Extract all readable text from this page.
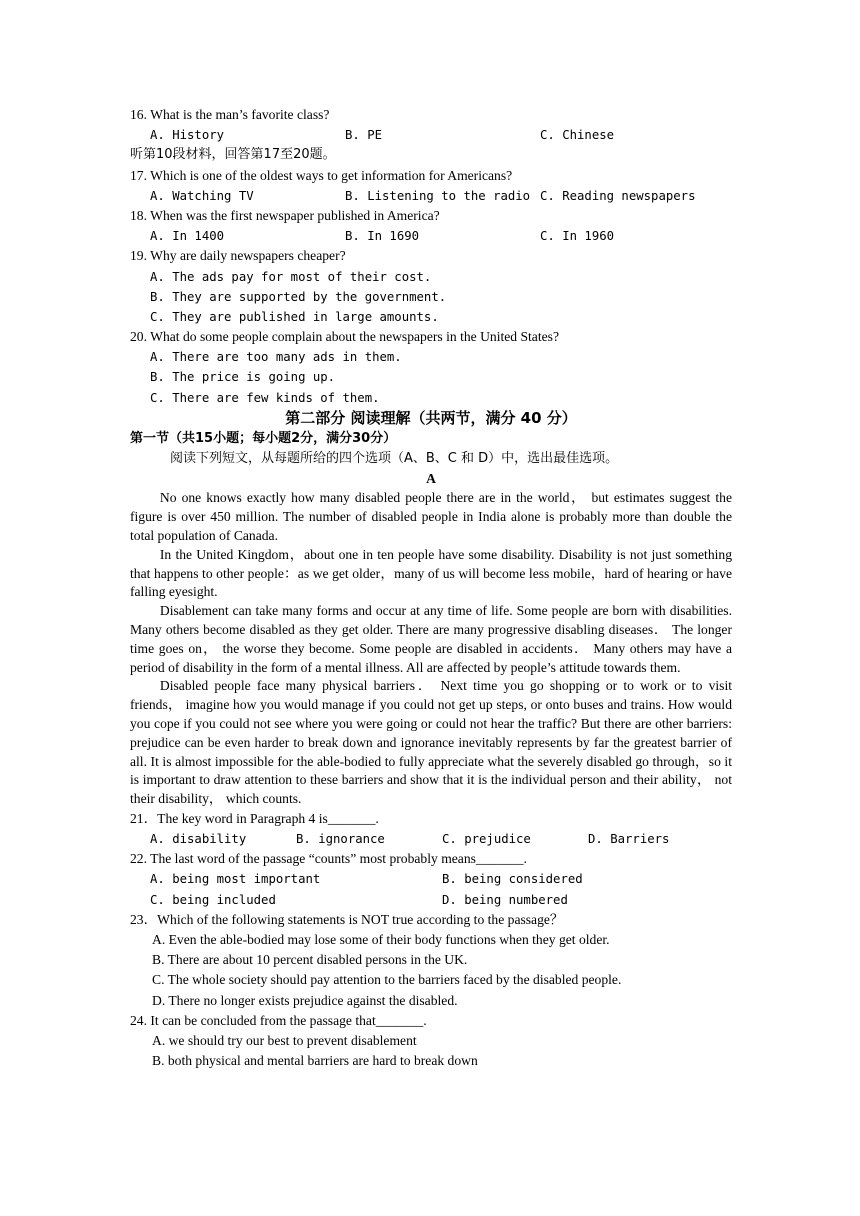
16. What is the man’s favorite class?
A. History	B. PE	C. Chinese
听第10段材料，回答第17至20题。
17. Which is one of the oldest ways to get information for Americans?
A. Watching TV	B. Listening to the radio C. Reading newspapers
18. When was the first newspaper published in America?
A. In 1400	B. In 1690	C. In 1960
19. Why are daily newspapers cheaper?
A. The ads pay for most of their cost.
B. They are supported by the government.
C. They are published in large amounts.
20. What do some people complain about the newspapers in the United States?
A. There are too many ads in them.
B. The price is going up.
C. There are few kinds of them.
第二部分 阅读理解（共两节，满分 40 分）
第一节（共15小题；每小题2分，满分30分）
阅读下列短文，从每题所给的四个选项（A、B、C 和 D）中，选出最佳选项。
A

No one knows exactly how many disabled people there are in the world， but estimates suggest the figure is over 450 million. The number of disabled people in India alone is probably more than double the total population of Canada.

In the United Kingdom，about one in ten people have some disability. Disability is not just something that happens to other people：as we get older，many of us will become less mobile，hard of hearing or have falling eyesight.

Disablement can take many forms and occur at any time of life. Some people are born with disabilities. Many others become disabled as they get older. There are many progressive disabling diseases． The longer time goes on， the worse they become. Some people are disabled in accidents． Many others may have a period of disability in the form of a mental illness. All are affected by people’s attitude towards them.

Disabled people face many physical barriers． Next time you go shopping or to work or to visit friends， imagine how you would manage if you could not get up steps, or onto buses and trains. How would you cope if you could not see where you were going or could not hear the traffic? But there are other barriers: prejudice can be even harder to break down and ignorance inevitably represents by far the greatest barrier of all. It is almost impossible for the able-bodied to fully appreciate what the severely disabled go through，so it is important to draw attention to these barriers and show that it is the individual person and their ability， not their disability， which counts.

21．The key word in Paragraph 4 is_______.
A. disability	B. ignorance	C. prejudice	D. Barriers
22. The last word of the passage “counts” most probably means_______.
A. being most important	B. being considered
C. being included	D. being numbered
23．Which of the following statements is NOT true according to the passage？
A. Even the able-bodied may lose some of their body functions when they get older.
B. There are about 10 percent disabled persons in the UK.
C. The whole society should pay attention to the barriers faced by the disabled people.
D. There no longer exists prejudice against the disabled.
24. It can be concluded from the passage that_______.
A. we should try our best to prevent disablement
B. both physical and mental barriers are hard to break down
